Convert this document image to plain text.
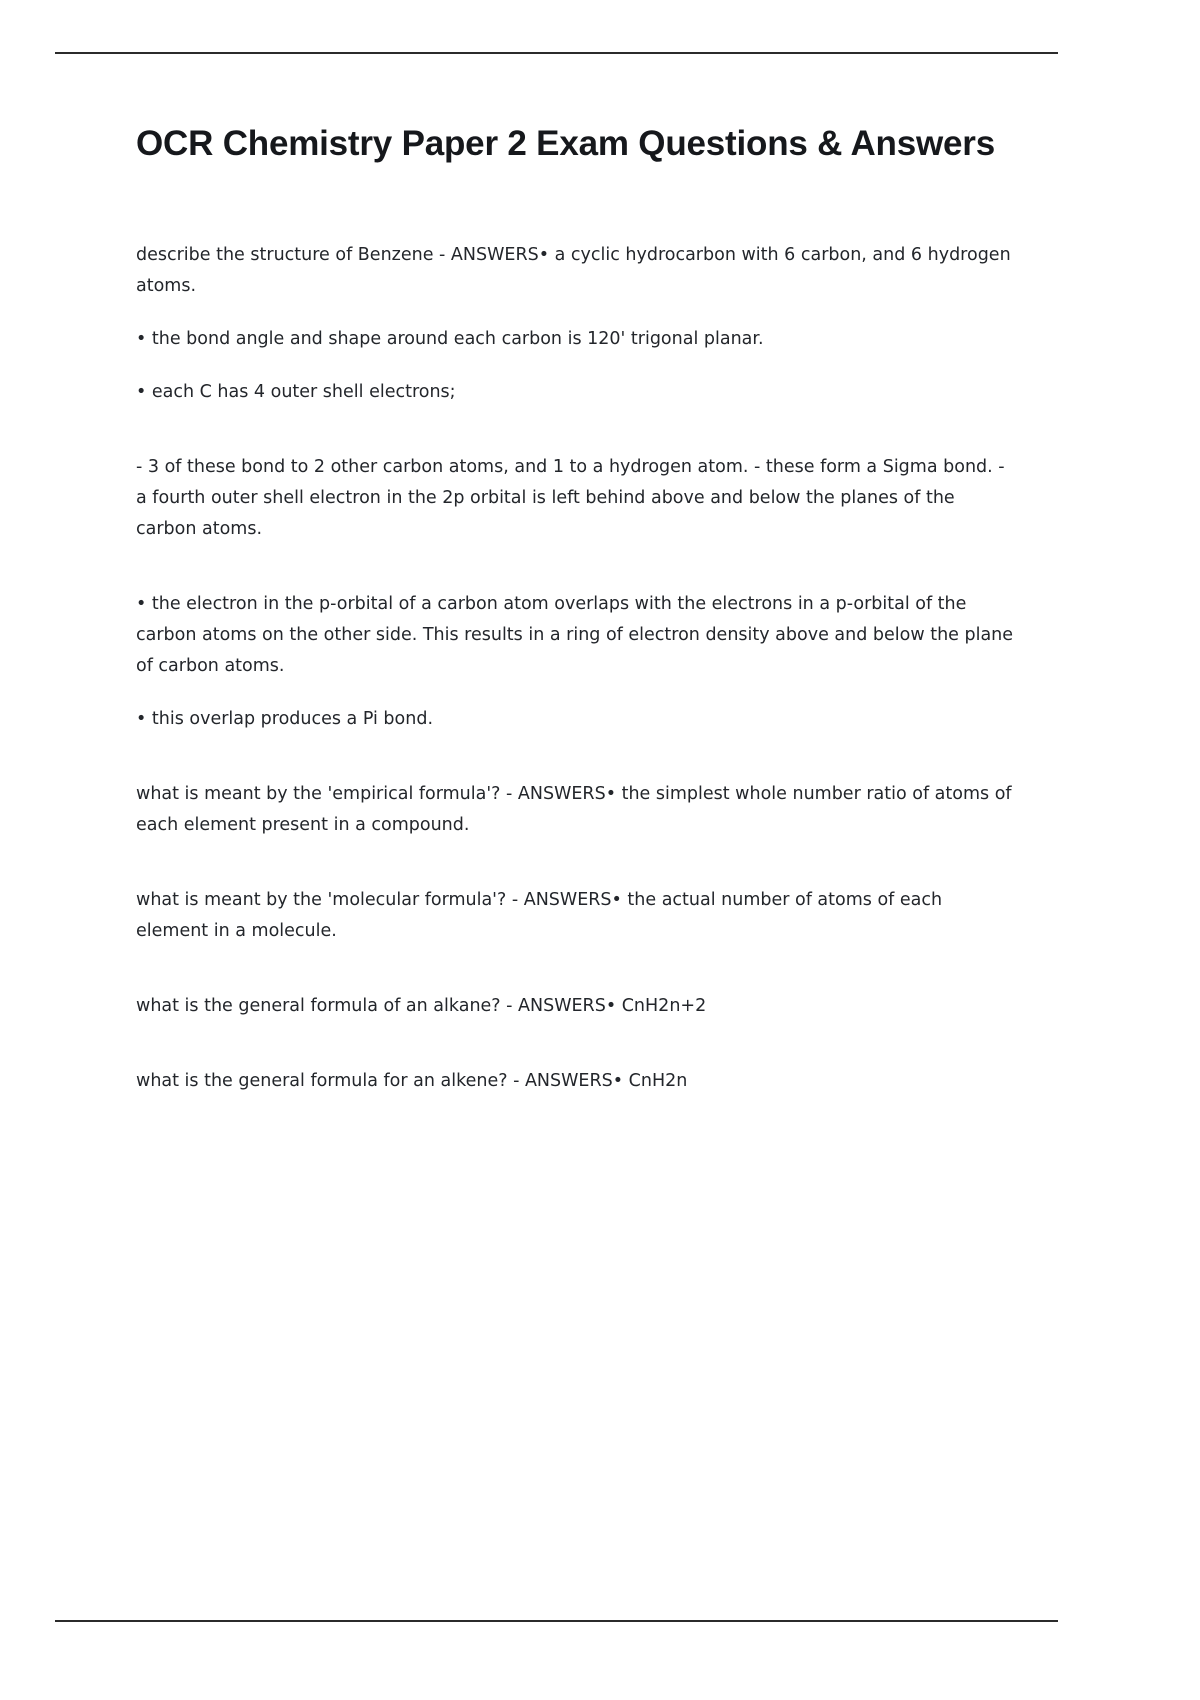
OCR Chemistry Paper 2 Exam Questions & Answers

describe the structure of Benzene - ANSWERS• a cyclic hydrocarbon with 6 carbon, and 6 hydrogen atoms.

• the bond angle and shape around each carbon is 120' trigonal planar.

• each C has 4 outer shell electrons;

- 3 of these bond to 2 other carbon atoms, and 1 to a hydrogen atom. - these form a Sigma bond. - a fourth outer shell electron in the 2p orbital is left behind above and below the planes of the carbon atoms.

• the electron in the p-orbital of a carbon atom overlaps with the electrons in a p-orbital of the carbon atoms on the other side. This results in a ring of electron density above and below the plane of carbon atoms.

• this overlap produces a Pi bond.

what is meant by the 'empirical formula'? - ANSWERS• the simplest whole number ratio of atoms of each element present in a compound.

what is meant by the 'molecular formula'? - ANSWERS• the actual number of atoms of each element in a molecule.

what is the general formula of an alkane? - ANSWERS• CnH2n+2

what is the general formula for an alkene? - ANSWERS• CnH2n
